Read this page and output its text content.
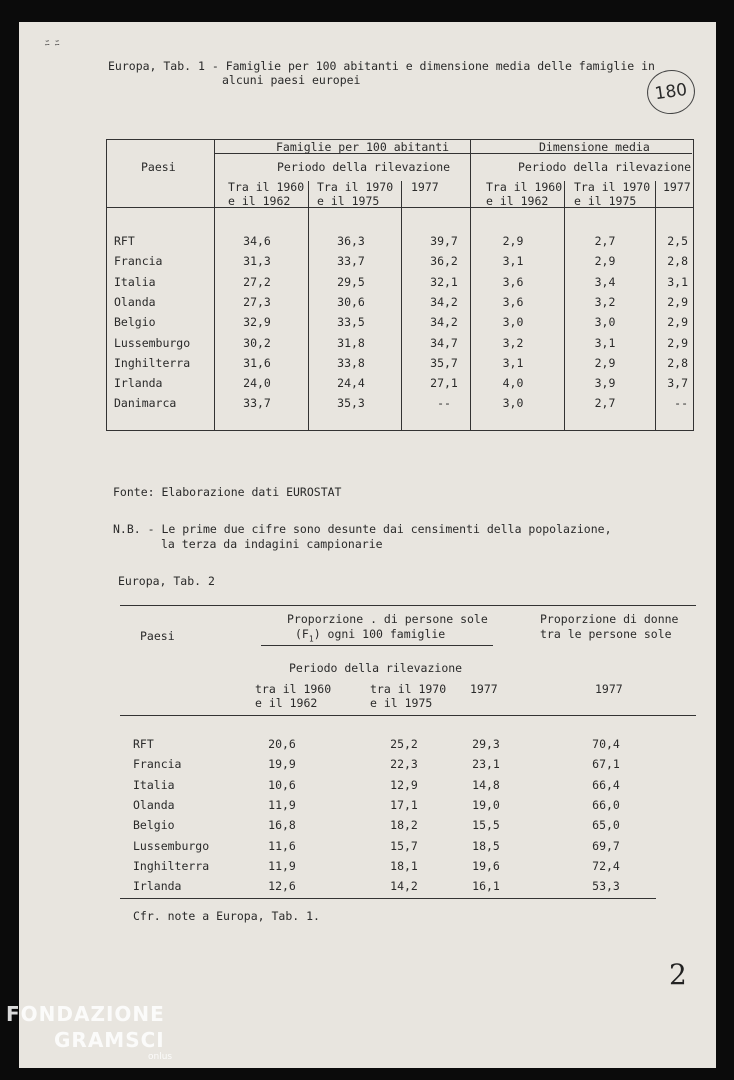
ﾆ ﾆ
180
Europa, Tab. 1 - Famiglie per 100 abitanti e dimensione media delle famiglie in
alcuni paesi europei
Paesi
Famiglie per 100 abitanti	Dimensione media
Periodo della rilevazione	Periodo della rilevazione
Tra il 1960
e il 1962
Tra il 1970
e il 1975
1977	Tra il 1960
e il 1962
Tra il 1970
e il 1975
1977
RFT	34,6	36,3	39,7	2,9	2,7	2,5
Francia	31,3	33,7	36,2	3,1	2,9	2,8
Italia	27,2	29,5	32,1	3,6	3,4	3,1
Olanda	27,3	30,6	34,2	3,6	3,2	2,9
Belgio	32,9	33,5	34,2	3,0	3,0	2,9
Lussemburgo	30,2	31,8	34,7	3,2	3,1	2,9
Inghilterra	31,6	33,8	35,7	3,1	2,9	2,8
Irlanda	24,0	24,4	27,1	4,0	3,9	3,7
Danimarca	33,7	35,3	--	3,0	2,7	--
Fonte: Elaborazione dati EUROSTAT
N.B. - Le prime due cifre sono desunte dai censimenti della popolazione,
la terza da indagini campionarie
Europa, Tab. 2
Paesi
Proporzione . di persone sole
$(F_1)$ ogni 100 famiglie
Proporzione di donne
tra le persone sole
Periodo della rilevazione
tra il 1960
e il 1962
tra il 1970
e il 1975
1977	1977
RFT	20,6	25,2	29,3	70,4
Francia	19,9	22,3	23,1	67,1
Italia	10,6	12,9	14,8	66,4
Olanda	11,9	17,1	19,0	66,0
Belgio	16,8	18,2	15,5	65,0
Lussemburgo	11,6	15,7	18,5	69,7
Inghilterra	11,9	18,1	19,6	72,4
Irlanda	12,6	14,2	16,1	53,3
Cfr. note a Europa, Tab. 1.
2
FONDAZIONE
GRAMSCI
onlus
